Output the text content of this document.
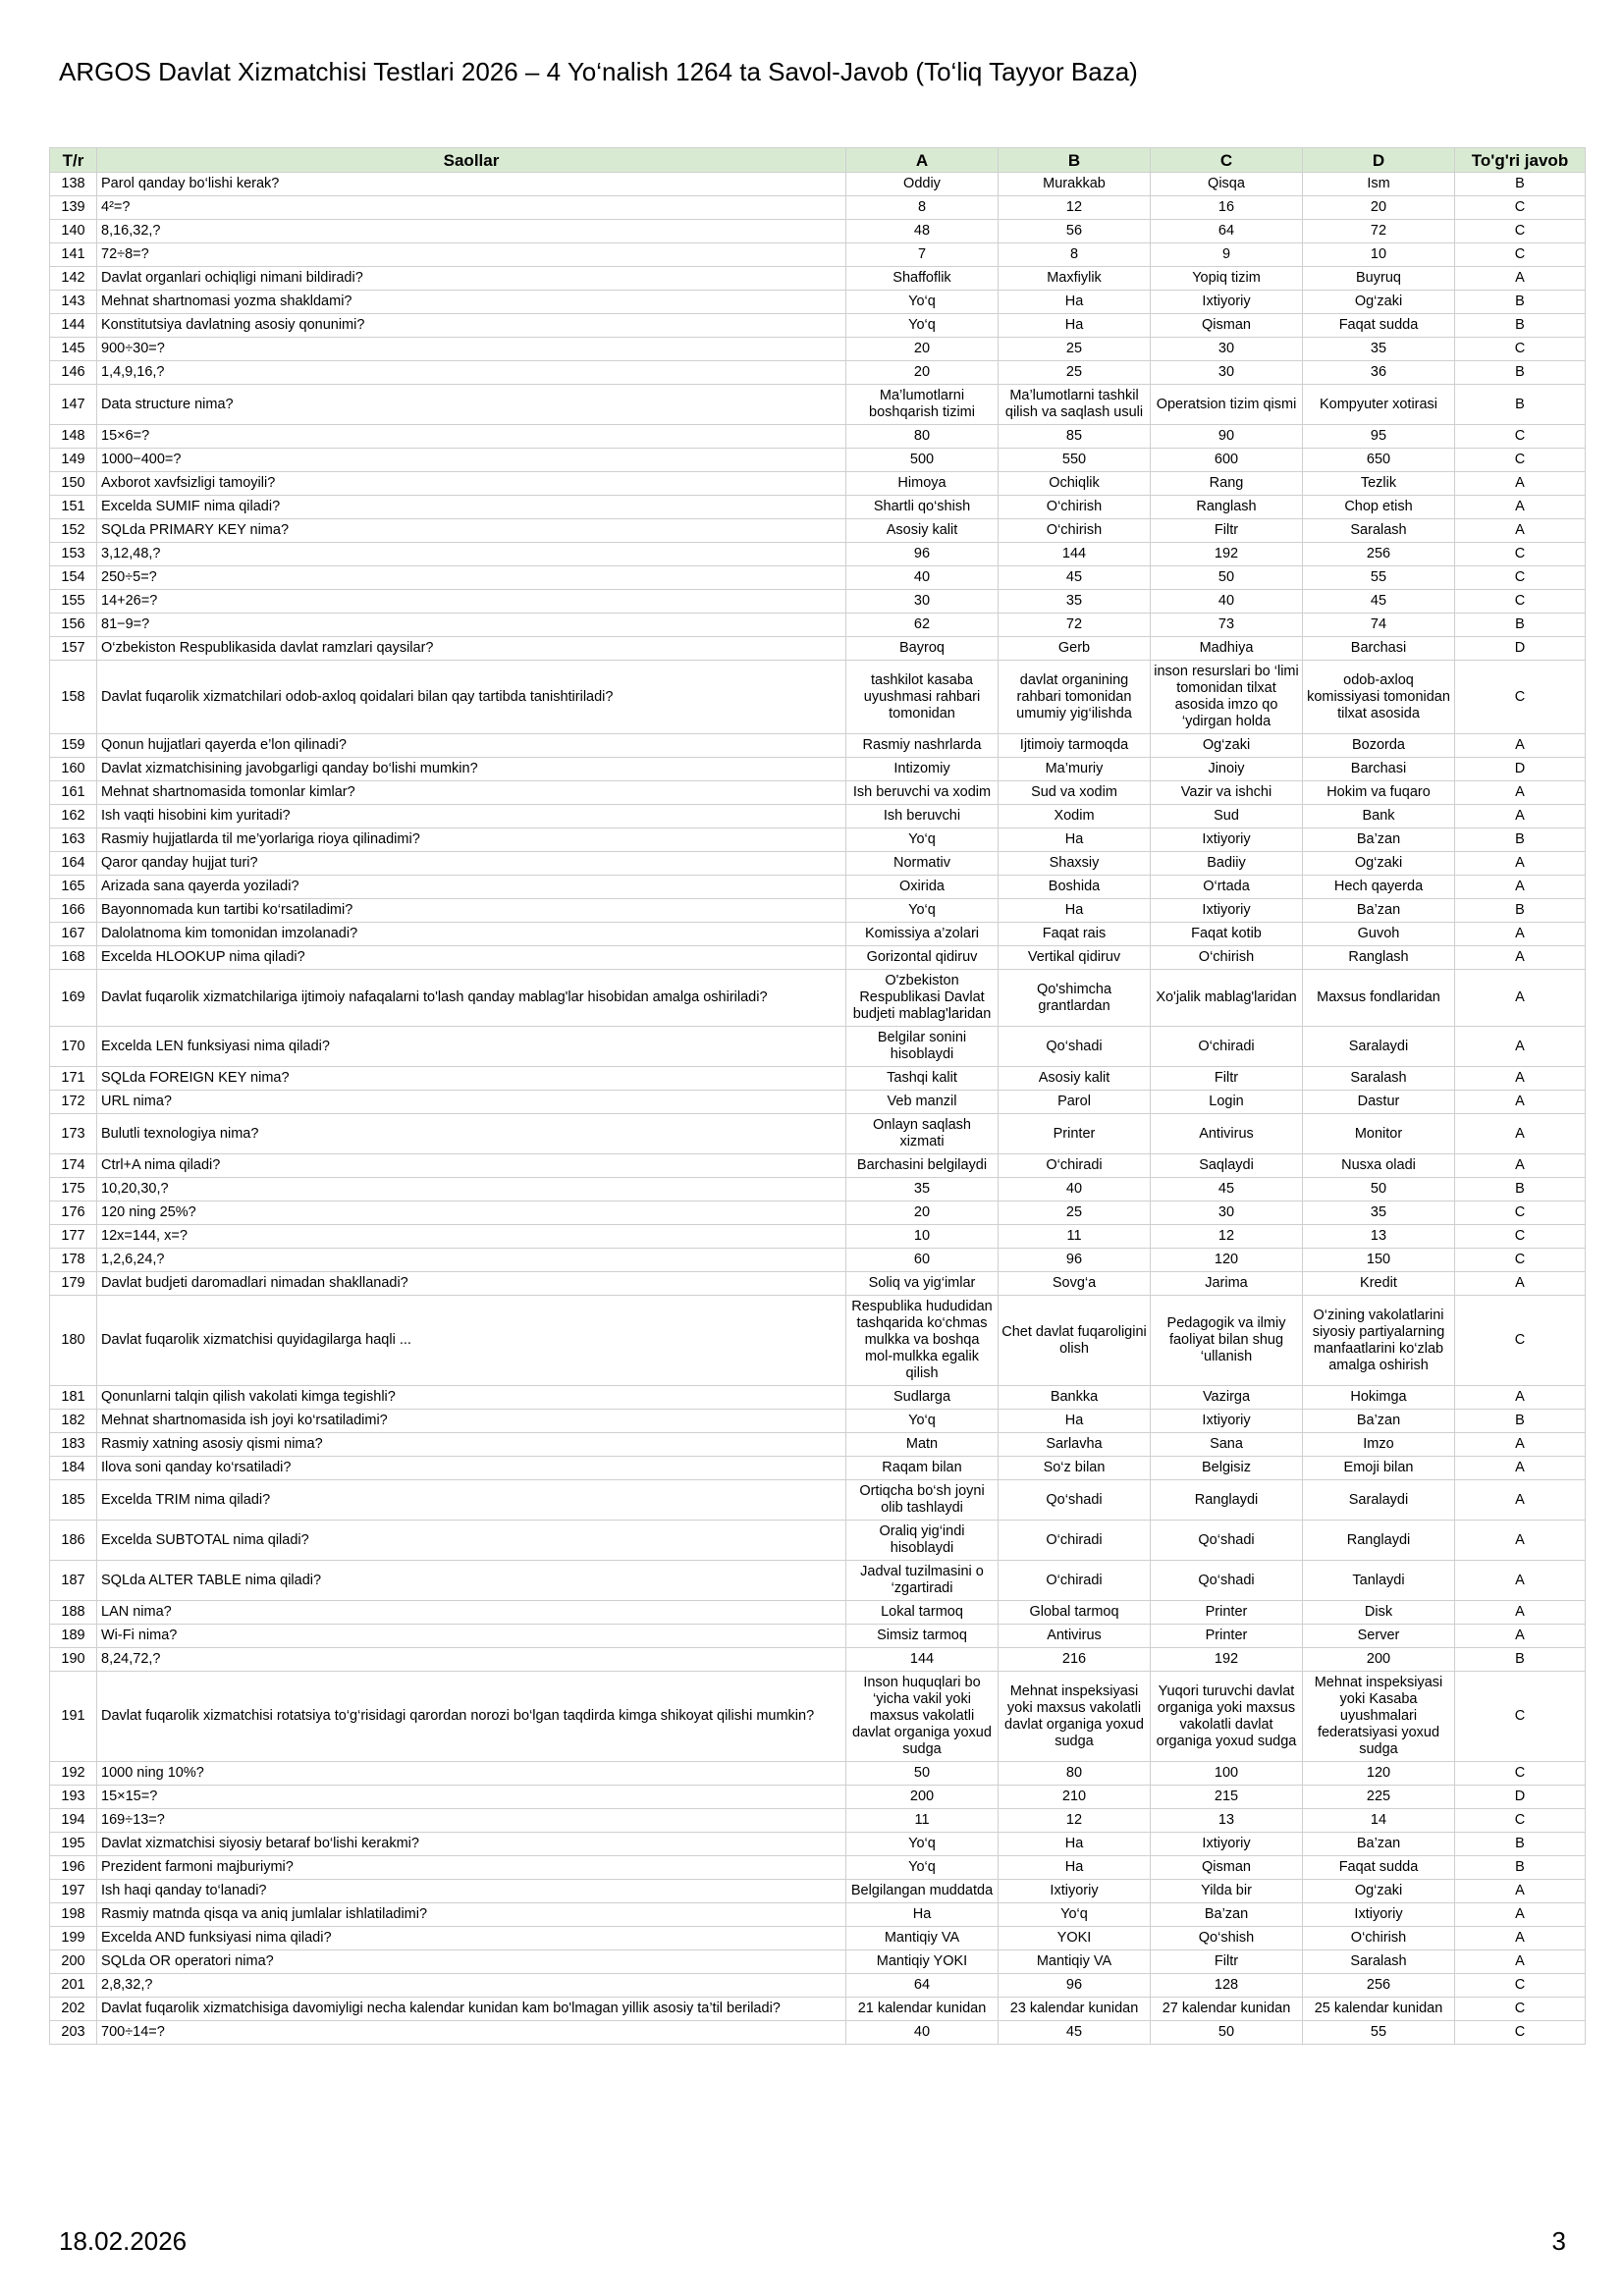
ARGOS Davlat Xizmatchisi Testlari 2026 – 4 Yo‘nalish 1264 ta Savol-Javob (To‘liq Tayyor Baza)
T/r	Saollar	A	B	C	D	To'g'ri javob
138	Parol qanday bo‘lishi kerak?	Oddiy	Murakkab	Qisqa	Ism	B
139	4²=?	8	12	16	20	C
140	8,16,32,?	48	56	64	72	C
141	72÷8=?	7	8	9	10	C
142	Davlat organlari ochiqligi nimani bildiradi?	Shaffoflik	Maxfiylik	Yopiq tizim	Buyruq	A
143	Mehnat shartnomasi yozma shakldami?	Yo‘q	Ha	Ixtiyoriy	Og‘zaki	B
144	Konstitutsiya davlatning asosiy qonunimi?	Yo‘q	Ha	Qisman	Faqat sudda	B
145	900÷30=?	20	25	30	35	C
146	1,4,9,16,?	20	25	30	36	B
147	Data structure nima?	Ma’lumotlarni boshqarish tizimi	Ma’lumotlarni tashkil qilish va saqlash usuli	Operatsion tizim qismi	Kompyuter xotirasi	B
148	15×6=?	80	85	90	95	C
149	1000−400=?	500	550	600	650	C
150	Axborot xavfsizligi tamoyili?	Himoya	Ochiqlik	Rang	Tezlik	A
151	Excelda SUMIF nima qiladi?	Shartli qo‘shish	O‘chirish	Ranglash	Chop etish	A
152	SQLda PRIMARY KEY nima?	Asosiy kalit	O‘chirish	Filtr	Saralash	A
153	3,12,48,?	96	144	192	256	C
154	250÷5=?	40	45	50	55	C
155	14+26=?	30	35	40	45	C
156	81−9=?	62	72	73	74	B
157	O‘zbekiston Respublikasida davlat ramzlari qaysilar?	Bayroq	Gerb	Madhiya	Barchasi	D
158	Davlat fuqarolik xizmatchilari odob-axloq qoidalari bilan qay tartibda tanishtiriladi?	tashkilot kasaba uyushmasi rahbari tomonidan	davlat organining rahbari tomonidan umumiy yig‘ilishda	inson resurslari bo ‘limi tomonidan tilxat asosida imzo qo ‘ydirgan holda	odob-axloq komissiyasi tomonidan tilxat asosida	C
159	Qonun hujjatlari qayerda e’lon qilinadi?	Rasmiy nashrlarda	Ijtimoiy tarmoqda	Og‘zaki	Bozorda	A
160	Davlat xizmatchisining javobgarligi qanday bo‘lishi mumkin?	Intizomiy	Ma’muriy	Jinoiy	Barchasi	D
161	Mehnat shartnomasida tomonlar kimlar?	Ish beruvchi va xodim	Sud va xodim	Vazir va ishchi	Hokim va fuqaro	A
162	Ish vaqti hisobini kim yuritadi?	Ish beruvchi	Xodim	Sud	Bank	A
163	Rasmiy hujjatlarda til me’yorlariga rioya qilinadimi?	Yo‘q	Ha	Ixtiyoriy	Ba’zan	B
164	Qaror qanday hujjat turi?	Normativ	Shaxsiy	Badiiy	Og‘zaki	A
165	Arizada sana qayerda yoziladi?	Oxirida	Boshida	O‘rtada	Hech qayerda	A
166	Bayonnomada kun tartibi ko‘rsatiladimi?	Yo‘q	Ha	Ixtiyoriy	Ba’zan	B
167	Dalolatnoma kim tomonidan imzolanadi?	Komissiya a’zolari	Faqat rais	Faqat kotib	Guvoh	A
168	Excelda HLOOKUP nima qiladi?	Gorizontal qidiruv	Vertikal qidiruv	O‘chirish	Ranglash	A
169	Davlat fuqarolik xizmatchilariga ijtimoiy nafaqalarni to'lash qanday mablag'lar hisobidan amalga oshiriladi?	O'zbekiston Respublikasi Davlat budjeti mablag'laridan	Qo'shimcha grantlardan	Xo'jalik mablag'laridan	Maxsus fondlaridan	A
170	Excelda LEN funksiyasi nima qiladi?	Belgilar sonini hisoblaydi	Qo‘shadi	O‘chiradi	Saralaydi	A
171	SQLda FOREIGN KEY nima?	Tashqi kalit	Asosiy kalit	Filtr	Saralash	A
172	URL nima?	Veb manzil	Parol	Login	Dastur	A
173	Bulutli texnologiya nima?	Onlayn saqlash xizmati	Printer	Antivirus	Monitor	A
174	Ctrl+A nima qiladi?	Barchasini belgilaydi	O‘chiradi	Saqlaydi	Nusxa oladi	A
175	10,20,30,?	35	40	45	50	B
176	120 ning 25%?	20	25	30	35	C
177	12x=144, x=?	10	11	12	13	C
178	1,2,6,24,?	60	96	120	150	C
179	Davlat budjeti daromadlari nimadan shakllanadi?	Soliq va yig‘imlar	Sovg‘a	Jarima	Kredit	A
180	Davlat fuqarolik xizmatchisi quyidagilarga haqli ...	Respublika hududidan tashqarida ko‘chmas mulkka va boshqa mol-mulkka egalik qilish	Chet davlat fuqaroligini olish	Pedagogik va ilmiy faoliyat bilan shug ‘ullanish	O‘zining vakolatlarini siyosiy partiyalarning manfaatlarini ko‘zlab amalga oshirish	C
181	Qonunlarni talqin qilish vakolati kimga tegishli?	Sudlarga	Bankka	Vazirga	Hokimga	A
182	Mehnat shartnomasida ish joyi ko‘rsatiladimi?	Yo‘q	Ha	Ixtiyoriy	Ba’zan	B
183	Rasmiy xatning asosiy qismi nima?	Matn	Sarlavha	Sana	Imzo	A
184	Ilova soni qanday ko‘rsatiladi?	Raqam bilan	So‘z bilan	Belgisiz	Emoji bilan	A
185	Excelda TRIM nima qiladi?	Ortiqcha bo‘sh joyni olib tashlaydi	Qo‘shadi	Ranglaydi	Saralaydi	A
186	Excelda SUBTOTAL nima qiladi?	Oraliq yig‘indi hisoblaydi	O‘chiradi	Qo‘shadi	Ranglaydi	A
187	SQLda ALTER TABLE nima qiladi?	Jadval tuzilmasini o ‘zgartiradi	O‘chiradi	Qo‘shadi	Tanlaydi	A
188	LAN nima?	Lokal tarmoq	Global tarmoq	Printer	Disk	A
189	Wi-Fi nima?	Simsiz tarmoq	Antivirus	Printer	Server	A
190	8,24,72,?	144	216	192	200	B
191	Davlat fuqarolik xizmatchisi rotatsiya to‘g‘risidagi qarordan norozi bo‘lgan taqdirda kimga shikoyat qilishi mumkin?	Inson huquqlari bo ‘yicha vakil yoki maxsus vakolatli davlat organiga yoxud sudga	Mehnat inspeksiyasi yoki maxsus vakolatli davlat organiga yoxud sudga	Yuqori turuvchi davlat organiga yoki maxsus vakolatli davlat organiga yoxud sudga	Mehnat inspeksiyasi yoki Kasaba uyushmalari federatsiyasi yoxud sudga	C
192	1000 ning 10%?	50	80	100	120	C
193	15×15=?	200	210	215	225	D
194	169÷13=?	11	12	13	14	C
195	Davlat xizmatchisi siyosiy betaraf bo‘lishi kerakmi?	Yo‘q	Ha	Ixtiyoriy	Ba’zan	B
196	Prezident farmoni majburiymi?	Yo‘q	Ha	Qisman	Faqat sudda	B
197	Ish haqi qanday to‘lanadi?	Belgilangan muddatda	Ixtiyoriy	Yilda bir	Og‘zaki	A
198	Rasmiy matnda qisqa va aniq jumlalar ishlatiladimi?	Ha	Yo‘q	Ba’zan	Ixtiyoriy	A
199	Excelda AND funksiyasi nima qiladi?	Mantiqiy VA	YOKI	Qo‘shish	O‘chirish	A
200	SQLda OR operatori nima?	Mantiqiy YOKI	Mantiqiy VA	Filtr	Saralash	A
201	2,8,32,?	64	96	128	256	C
202	Davlat fuqarolik xizmatchisiga davomiyligi necha kalendar kunidan kam bo'lmagan yillik asosiy ta’til beriladi?	21 kalendar kunidan	23 kalendar kunidan	27 kalendar kunidan	25 kalendar kunidan	C
203	700÷14=?	40	45	50	55	C
18.02.2026	3
